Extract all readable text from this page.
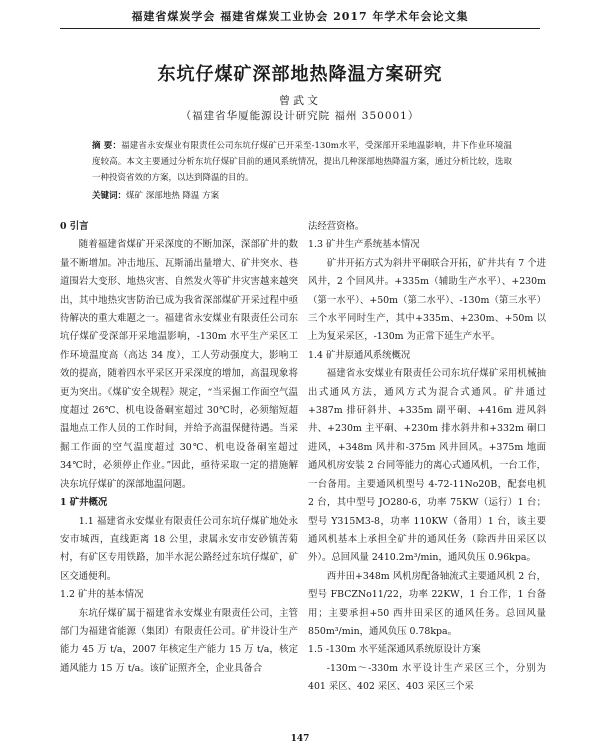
福建省煤炭学会 福建省煤炭工业协会 2017 年学术年会论文集
东坑仔煤矿深部地热降温方案研究
曾武文
（福建省华厦能源设计研究院 福州 350001）

摘 要：福建省永安煤业有限责任公司东坑仔煤矿已开采至-130m水平，受深部开采地温影响，井下作业环境温度较高。本文主要通过分析东坑仔煤矿目前的通风系统情况，提出几种深部地热降温方案，通过分析比较，选取一种投资省效的方案，以达到降温的目的。

关键词：煤矿 深部地热 降温 方案

0 引言

随着福建省煤矿开采深度的不断加深，深部矿井的数量不断增加。冲击地压、瓦斯涌出量增大、矿井突水、巷道围岩大变形、地热灾害、自然发火等矿井灾害越来越突出，其中地热灾害防治已成为我省深部煤矿开采过程中亟待解决的重大难题之一。福建省永安煤业有限责任公司东坑仔煤矿受深部开采地温影响，-130m 水平生产采区工作环境温度高（高达 34 度），工人劳动强度大，影响工效的提高，随着四水平采区开采深度的增加，高温现象将更为突出。《煤矿安全规程》规定，“当采掘工作面空气温度超过 26℃、机电设备硐室超过 30℃时，必须缩短超温地点工作人员的工作时间，并给予高温保健待遇。当采掘工作面的空气温度超过 30℃、机电设备硐室超过 34℃时，必须停止作业。”因此，亟待采取一定的措施解决东坑仔煤矿的深部地温问题。

1 矿井概况

1.1 福建省永安煤业有限责任公司东坑仔煤矿地处永安市城西，直线距离 18 公里，隶属永安市安砂镇苦菊村，有矿区专用铁路，加半水泥公路经过东坑仔煤矿，矿区交通便利。

1.2 矿井的基本情况

东坑仔煤矿属于福建省永安煤业有限责任公司，主管部门为福建省能源（集团）有限责任公司。矿井设计生产能力 45 万 t/a，2007 年核定生产能力 15 万 t/a，核定通风能力 15 万 t/a。该矿证照齐全，企业具备合

法经营资格。

1.3 矿井生产系统基本情况

矿井开拓方式为斜井平硐联合开拓，矿井共有 7 个进风井，2 个回风井。+335m（辅助生产水平）、+230m（第一水平）、+50m（第二水平）、-130m（第三水平）三个水平同时生产，其中+335m、+230m、+50m 以上为复采采区，-130m 为正常下延生产水平。

1.4 矿井原通风系统概况

福建省永安煤业有限责任公司东坑仔煤矿采用机械抽出式通风方法，通风方式为混合式通风。矿井通过+387m 排矸斜井、+335m 副平硐、+416m 进风斜井、+230m 主平硐、+230m 排水斜井和+332m 硐口进风，+348m 风井和-375m 风井回风。+375m 地面通风机房安装 2 台同等能力的离心式通风机，一台工作，一台备用。主要通风机型号 4-72-11No20B，配套电机 2 台，其中型号 JO280-6，功率 75KW（运行）1 台；型号 Y315M3-8，功率 110KW（备用）1 台，该主要通风机基本上承担全矿井的通风任务（除西井田采区以外）。总回风量 2410.2m³/min，通风负压 0.96kpa。

西井田+348m 风机房配备轴流式主要通风机 2 台，型号 FBCZNo11/22，功率 22KW，1 台工作，1 台备用；主要承担+50 西井田采区的通风任务。总回风量 850m³/min，通风负压 0.78kpa。

1.5 -130m 水平延深通风系统原设计方案

-130m～-330m 水平设计生产采区三个，分别为 401 采区、402 采区、403 采区三个采

147
